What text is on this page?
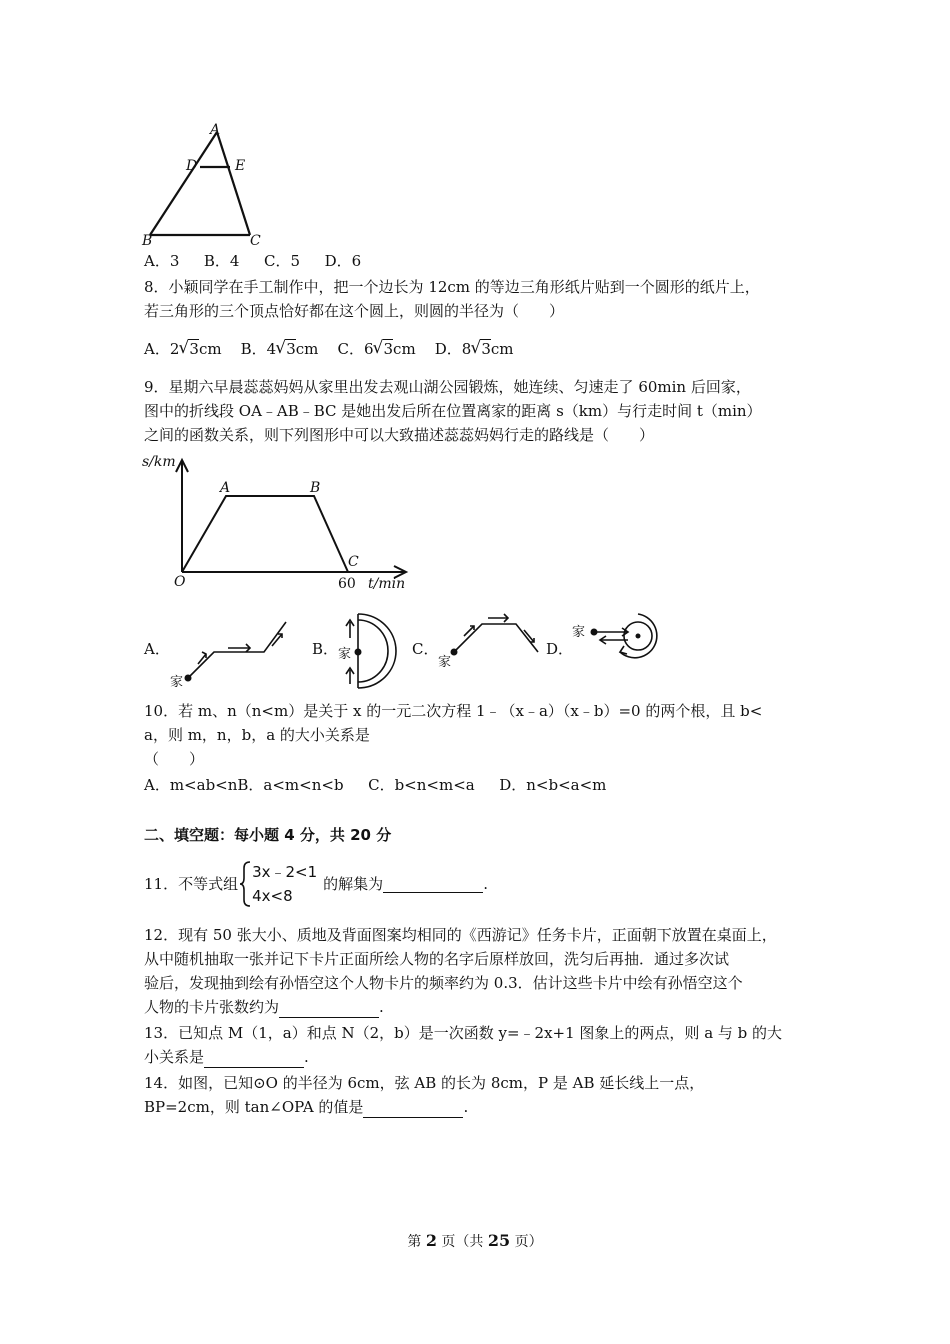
A
D	E
B	C
A．3 　 B．4 　 C．5 　 D．6
8．小颖同学在手工制作中，把一个边长为 12cm 的等边三角形纸片贴到一个圆形的纸片上，
若三角形的三个顶点恰好都在这个圆上，则圆的半径为（　　）
A．2 √ 3cm B．4 √ 3cm C．6 √ 3cm D．8 √ 3cm
9．星期六早晨蕊蕊妈妈从家里出发去观山湖公园锻炼，她连续、匀速走了 60min 后回家，
图中的折线段 OA﹣AB﹣BC 是她出发后所在位置离家的距离 s（km）与行走时间 t（min）
之间的函数关系，则下列图形中可以大致描述蕊蕊妈妈行走的路线是（　　）
s/km
A	B
C
O	t/min
60
A．
家
B． 家	C．
家
D．
家
10．若 m、n（n<m）是关于 x 的一元二次方程 1﹣（x﹣a）（x﹣b）=0 的两个根，且 b<
a，则 m，n，b，a 的大小关系是
（　　）
A．m<ab<nB．a<m<n<b 　 C．b<n<m<a 　 D．n<b<a<m
二、填空题：每小题 4 分，共 20 分
11．不等式组
3x﹣2<1
4x<8
的解集为	.
12．现有 50 张大小、质地及背面图案均相同的《西游记》任务卡片，正面朝下放置在桌面上，
从中随机抽取一张并记下卡片正面所绘人物的名字后原样放回，洗匀后再抽．通过多次试
验后，发现抽到绘有孙悟空这个人物卡片的频率约为 0.3．估计这些卡片中绘有孙悟空这个
人物的卡片张数约为	.
13．已知点 M（1，a）和点 N（2，b）是一次函数 y=﹣2x+1 图象上的两点，则 a 与 b 的大
小关系是	.
14．如图，已知⊙O 的半径为 6cm，弦 AB 的长为 8cm，P 是 AB 延长线上一点，
BP=2cm，则 tan∠OPA 的值是	.
第 2 页（共 25 页）
